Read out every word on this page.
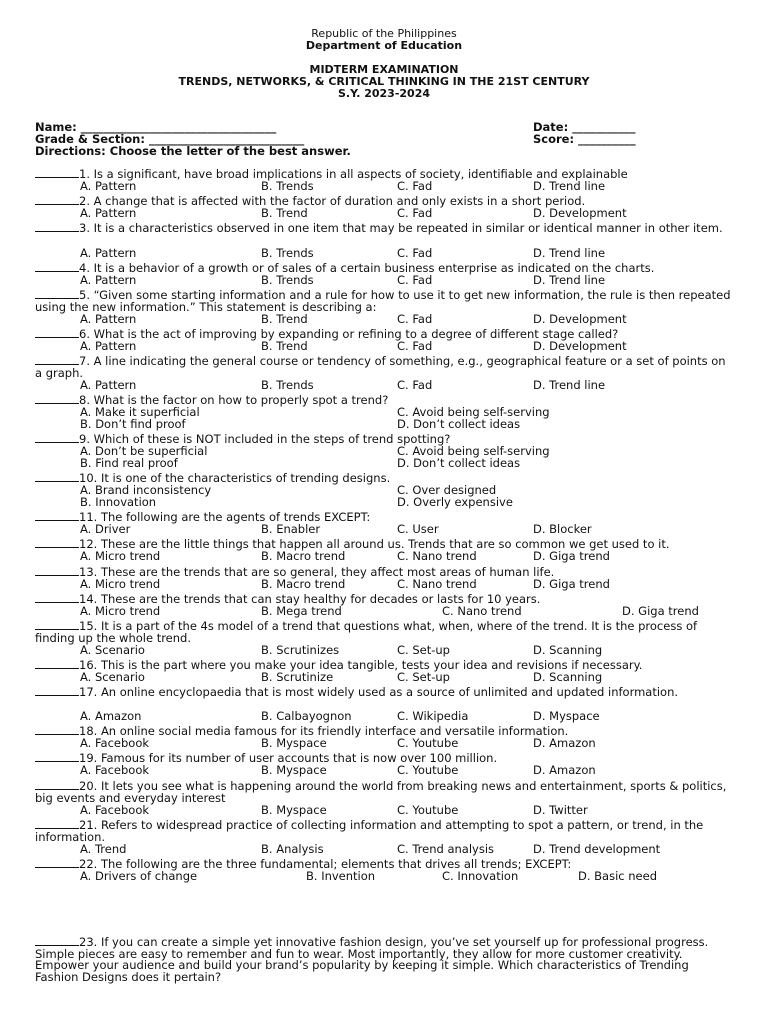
Republic of the Philippines
Department of Education
MIDTERM EXAMINATION
TRENDS, NETWORKS, & CRITICAL THINKING IN THE 21ST CENTURY
S.Y. 2023-2024
Name: __________________________________
Grade & Section: ___________________________
Date: ___________
Score: __________
Directions: Choose the letter of the best answer.
1. Is a significant, have broad implications in all aspects of society, identifiable and explainable
A. Pattern	B. Trends	C. Fad	D. Trend line
2. A change that is affected with the factor of duration and only exists in a short period.
A. Pattern	B. Trend	C. Fad	D. Development
3. It is a characteristics observed in one item that may be repeated in similar or identical manner in other item.
A. Pattern	B. Trends	C. Fad	D. Trend line
4. It is a behavior of a growth or of sales of a certain business enterprise as indicated on the charts.
A. Pattern	B. Trends	C. Fad	D. Trend line
5. “Given some starting information and a rule for how to use it to get new information, the rule is then repeated using the new information.” This statement is describing a:
A. Pattern	B. Trend	C. Fad	D. Development
6. What is the act of improving by expanding or refining to a degree of different stage called?
A. Pattern	B. Trend	C. Fad	D. Development
7. A line indicating the general course or tendency of something, e.g., geographical feature or a set of points on a graph.
A. Pattern	B. Trends	C. Fad	D. Trend line
8. What is the factor on how to properly spot a trend?
A. Make it superficial	C. Avoid being self-serving
B. Don’t find proof	D. Don’t collect ideas
9. Which of these is NOT included in the steps of trend spotting?
A. Don’t be superficial	C. Avoid being self-serving
B. Find real proof	D. Don’t collect ideas
10. It is one of the characteristics of trending designs.
A. Brand inconsistency	C. Over designed
B. Innovation	D. Overly expensive
11. The following are the agents of trends EXCEPT:
A. Driver	B. Enabler	C. User	D. Blocker
12. These are the little things that happen all around us. Trends that are so common we get used to it.
A. Micro trend	B. Macro trend	C. Nano trend	D. Giga trend
13. These are the trends that are so general, they affect most areas of human life.
A. Micro trend	B. Macro trend	C. Nano trend	D. Giga trend
14. These are the trends that can stay healthy for decades or lasts for 10 years.
A. Micro trend	B. Mega trend	C. Nano trend	D. Giga trend
15. It is a part of the 4s model of a trend that questions what, when, where of the trend. It is the process of finding up the whole trend.
A. Scenario	B. Scrutinizes	C. Set-up	D. Scanning
16. This is the part where you make your idea tangible, tests your idea and revisions if necessary.
A. Scenario	B. Scrutinize	C. Set-up	D. Scanning
17. An online encyclopaedia that is most widely used as a source of unlimited and updated information.
A. Amazon	B. Calbayognon	C. Wikipedia	D. Myspace
18. An online social media famous for its friendly interface and versatile information.
A. Facebook	B. Myspace	C. Youtube	D. Amazon
19. Famous for its number of user accounts that is now over 100 million.
A. Facebook	B. Myspace	C. Youtube	D. Amazon
20. It lets you see what is happening around the world from breaking news and entertainment, sports & politics, big events and everyday interest
A. Facebook	B. Myspace	C. Youtube	D. Twitter
21. Refers to widespread practice of collecting information and attempting to spot a pattern, or trend, in the information.
A. Trend	B. Analysis	C. Trend analysis	D. Trend development
22. The following are the three fundamental; elements that drives all trends; EXCEPT:
A. Drivers of change	B. Invention	C. Innovation	D. Basic need
23. If you can create a simple yet innovative fashion design, you’ve set yourself up for professional progress. Simple pieces are easy to remember and fun to wear. Most importantly, they allow for more customer creativity. Empower your audience and build your brand’s popularity by keeping it simple. Which characteristics of Trending Fashion Designs does it pertain?
